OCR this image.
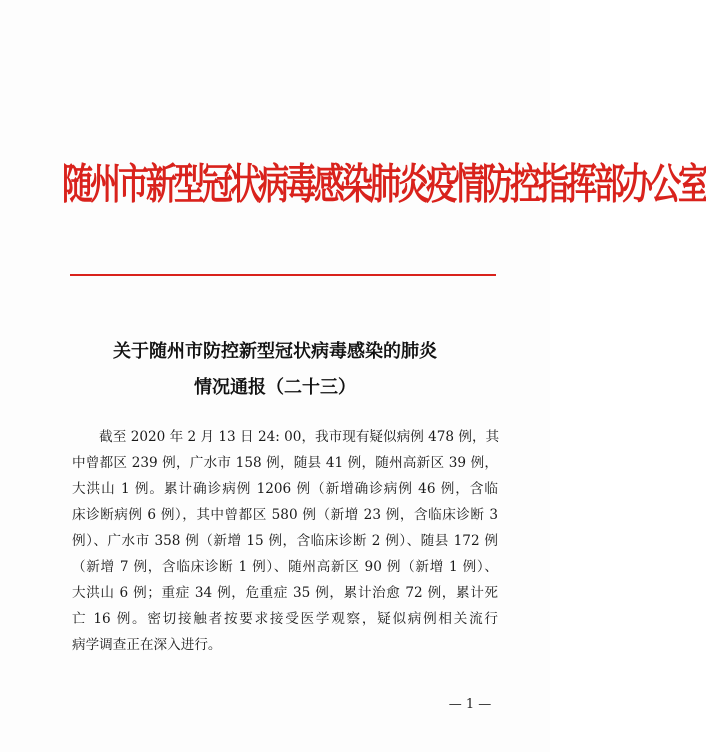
随州市新型冠状病毒感染肺炎疫情防控指挥部办公室
关于随州市防控新型冠状病毒感染的肺炎
情况通报（二十三）
　　截至 2020 年 2 月 13 日 24: 00，我市现有疑似病例 478 例，其
中曾都区 239 例，广水市 158 例，随县 41 例，随州高新区 39 例，
大洪山 1 例。累计确诊病例 1206 例（新增确诊病例 46 例，含临
床诊断病例 6 例），其中曾都区 580 例（新增 23 例，含临床诊断 3
例）、广水市 358 例（新增 15 例，含临床诊断 2 例）、随县 172 例
（新增 7 例，含临床诊断 1 例）、随州高新区 90 例（新增 1 例）、
大洪山 6 例；重症 34 例，危重症 35 例，累计治愈 72 例，累计死
亡 16 例。密切接触者按要求接受医学观察，疑似病例相关流行
病学调查正在深入进行。
— 1 —
